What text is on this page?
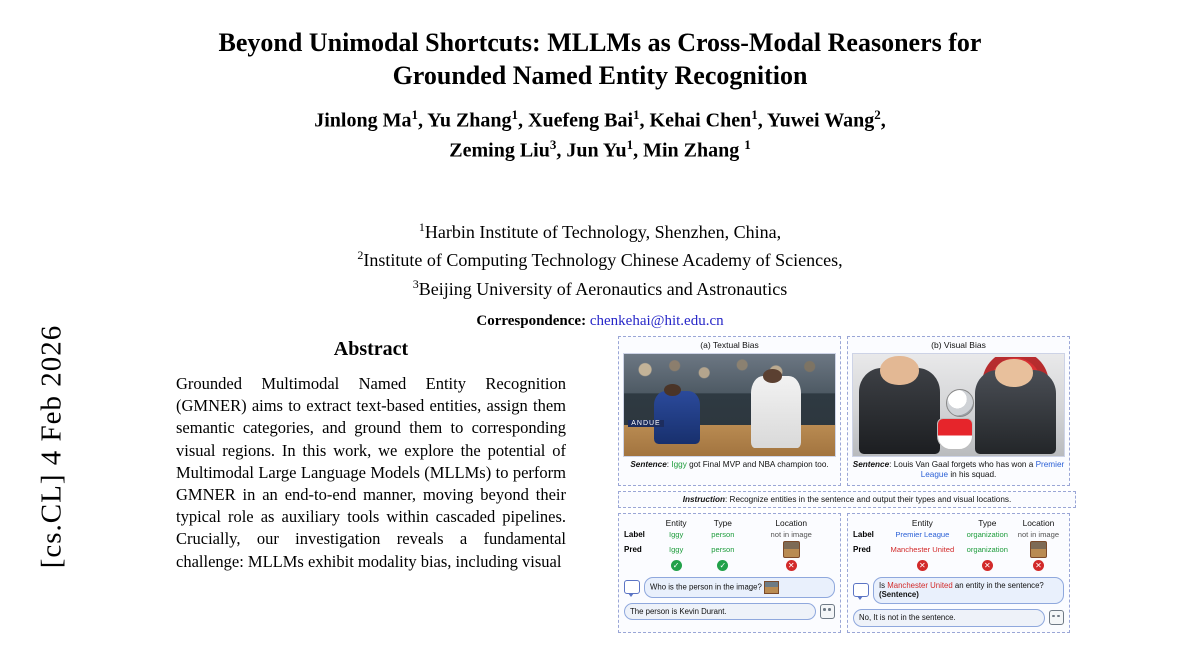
[cs.CL] 4 Feb 2026
Beyond Unimodal Shortcuts: MLLMs as Cross-Modal Reasoners for
Grounded Named Entity Recognition
Jinlong Ma$^1$, Yu Zhang$^1$, Xuefeng Bai$^1$, Kehai Chen$^1$, Yuwei Wang$^2$,
Zeming Liu$^3$, Jun Yu$^1$, Min Zhang $^1$
$^1$Harbin Institute of Technology, Shenzhen, China,
$^2$Institute of Computing Technology Chinese Academy of Sciences,
$^3$Beijing University of Aeronautics and Astronautics
Correspondence: chenkehai@hit.edu.cn
Abstract
Grounded Multimodal Named Entity Recognition (GMNER) aims to extract text-based entities, assign them semantic categories, and ground them to corresponding visual regions. In this work, we explore the potential of Multimodal Large Language Models (MLLMs) to perform GMNER in an end-to-end manner, moving beyond their typical role as auxiliary tools within cascaded pipelines. Crucially, our investigation reveals a fundamental challenge: MLLMs exhibit modality bias, including visual
(a) Textual Bias
ANDUE
Sentence: Iggy got Final MVP and NBA champion too.
(b) Visual Bias
Sentence: Louis Van Gaal forgets who has won a Premier League in his squad.
Instruction: Recognize entities in the sentence and output their types and visual locations.
	Entity	Type	Location
Label	Iggy	person	not in image
Pred	Iggy	person	
	✓	✓	✕
Who is the person in the image?
The person is Kevin Durant.
	Entity	Type	Location
Label	Premier League	organization	not in image
Pred	Manchester United	organization	
	✕	✕	✕
Is Manchester United an entity in the sentence? (Sentence)
No, It is not in the sentence.
